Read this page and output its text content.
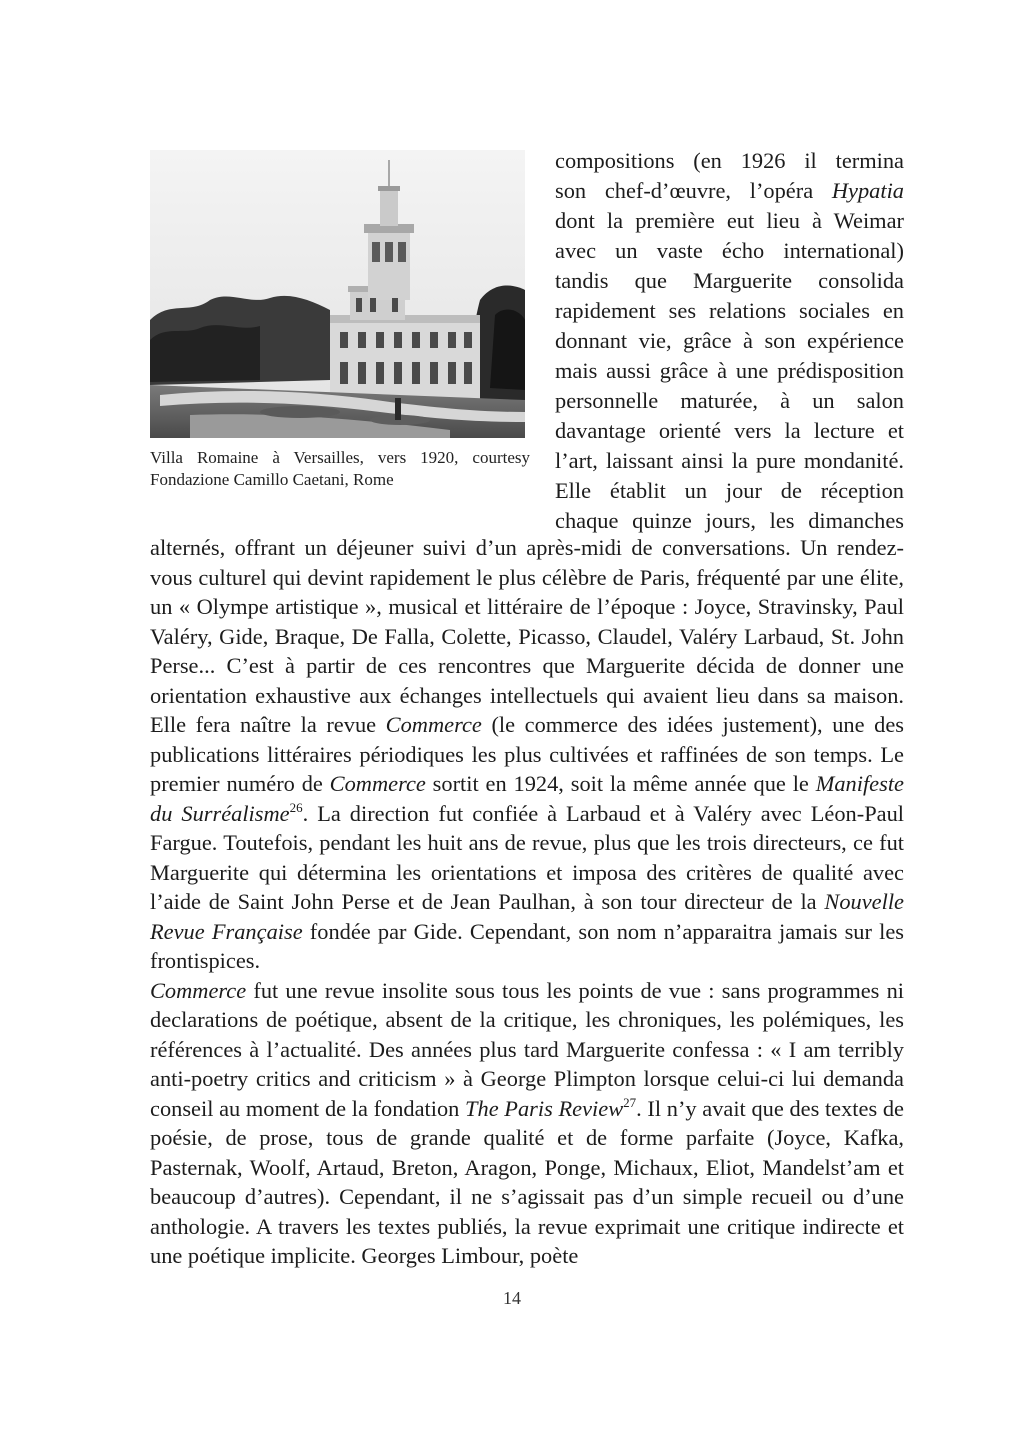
Villa Romaine à Versailles, vers 1920, courtesy Fondazione Camillo Caetani, Rome
compositions (en 1926 il termina
son chef-d’œuvre, l’opéra Hypatia
dont la première eut lieu à Weimar
avec un vaste écho international)
tandis que Marguerite consolida
rapidement ses relations sociales en
donnant vie, grâce à son expérience
mais aussi grâce à une prédisposition
personnelle maturée, à un salon
davantage orienté vers la lecture et
l’art, laissant ainsi la pure mondanité.
Elle établit un jour de réception
chaque quinze jours, les dimanches

alternés, offrant un déjeuner suivi d’un après-midi de conversations. Un rendez-vous culturel qui devint rapidement le plus célèbre de Paris, fréquenté par une élite, un « Olympe artistique », musical et littéraire de l’époque : Joyce, Stravinsky, Paul Valéry, Gide, Braque, De Falla, Colette, Picasso, Claudel, Valéry Larbaud, St. John Perse... C’est à partir de ces rencontres que Marguerite décida de donner une orientation exhaustive aux échanges intellectuels qui avaient lieu dans sa maison. Elle fera naître la revue Commerce (le commerce des idées justement), une des publications littéraires périodiques les plus cultivées et raffinées de son temps. Le premier numéro de Commerce sortit en 1924, soit la même année que le Manifeste du Surréalisme$^{26}$. La direction fut confiée à Larbaud et à Valéry avec Léon-Paul Fargue. Toutefois, pendant les huit ans de revue, plus que les trois directeurs, ce fut Marguerite qui détermina les orientations et imposa des critères de qualité avec l’aide de Saint John Perse et de Jean Paulhan, à son tour directeur de la Nouvelle Revue Française fondée par Gide. Cependant, son nom n’apparaitra jamais sur les frontispices.

Commerce fut une revue insolite sous tous les points de vue : sans programmes ni declarations de poétique, absent de la critique, les chroniques, les polémiques, les références à l’actualité. Des années plus tard Marguerite confessa : « I am terribly anti-poetry critics and criticism » à George Plimpton lorsque celui-ci lui demanda conseil au moment de la fondation The Paris Review$^{27}$. Il n’y avait que des textes de poésie, de prose, tous de grande qualité et de forme parfaite (Joyce, Kafka, Pasternak, Woolf, Artaud, Breton, Aragon, Ponge, Michaux, Eliot, Mandelst’am et beaucoup d’autres). Cependant, il ne s’agissait pas d’un simple recueil ou d’une anthologie. A travers les textes publiés, la revue exprimait une critique indirecte et une poétique implicite. Georges Limbour, poète

14
